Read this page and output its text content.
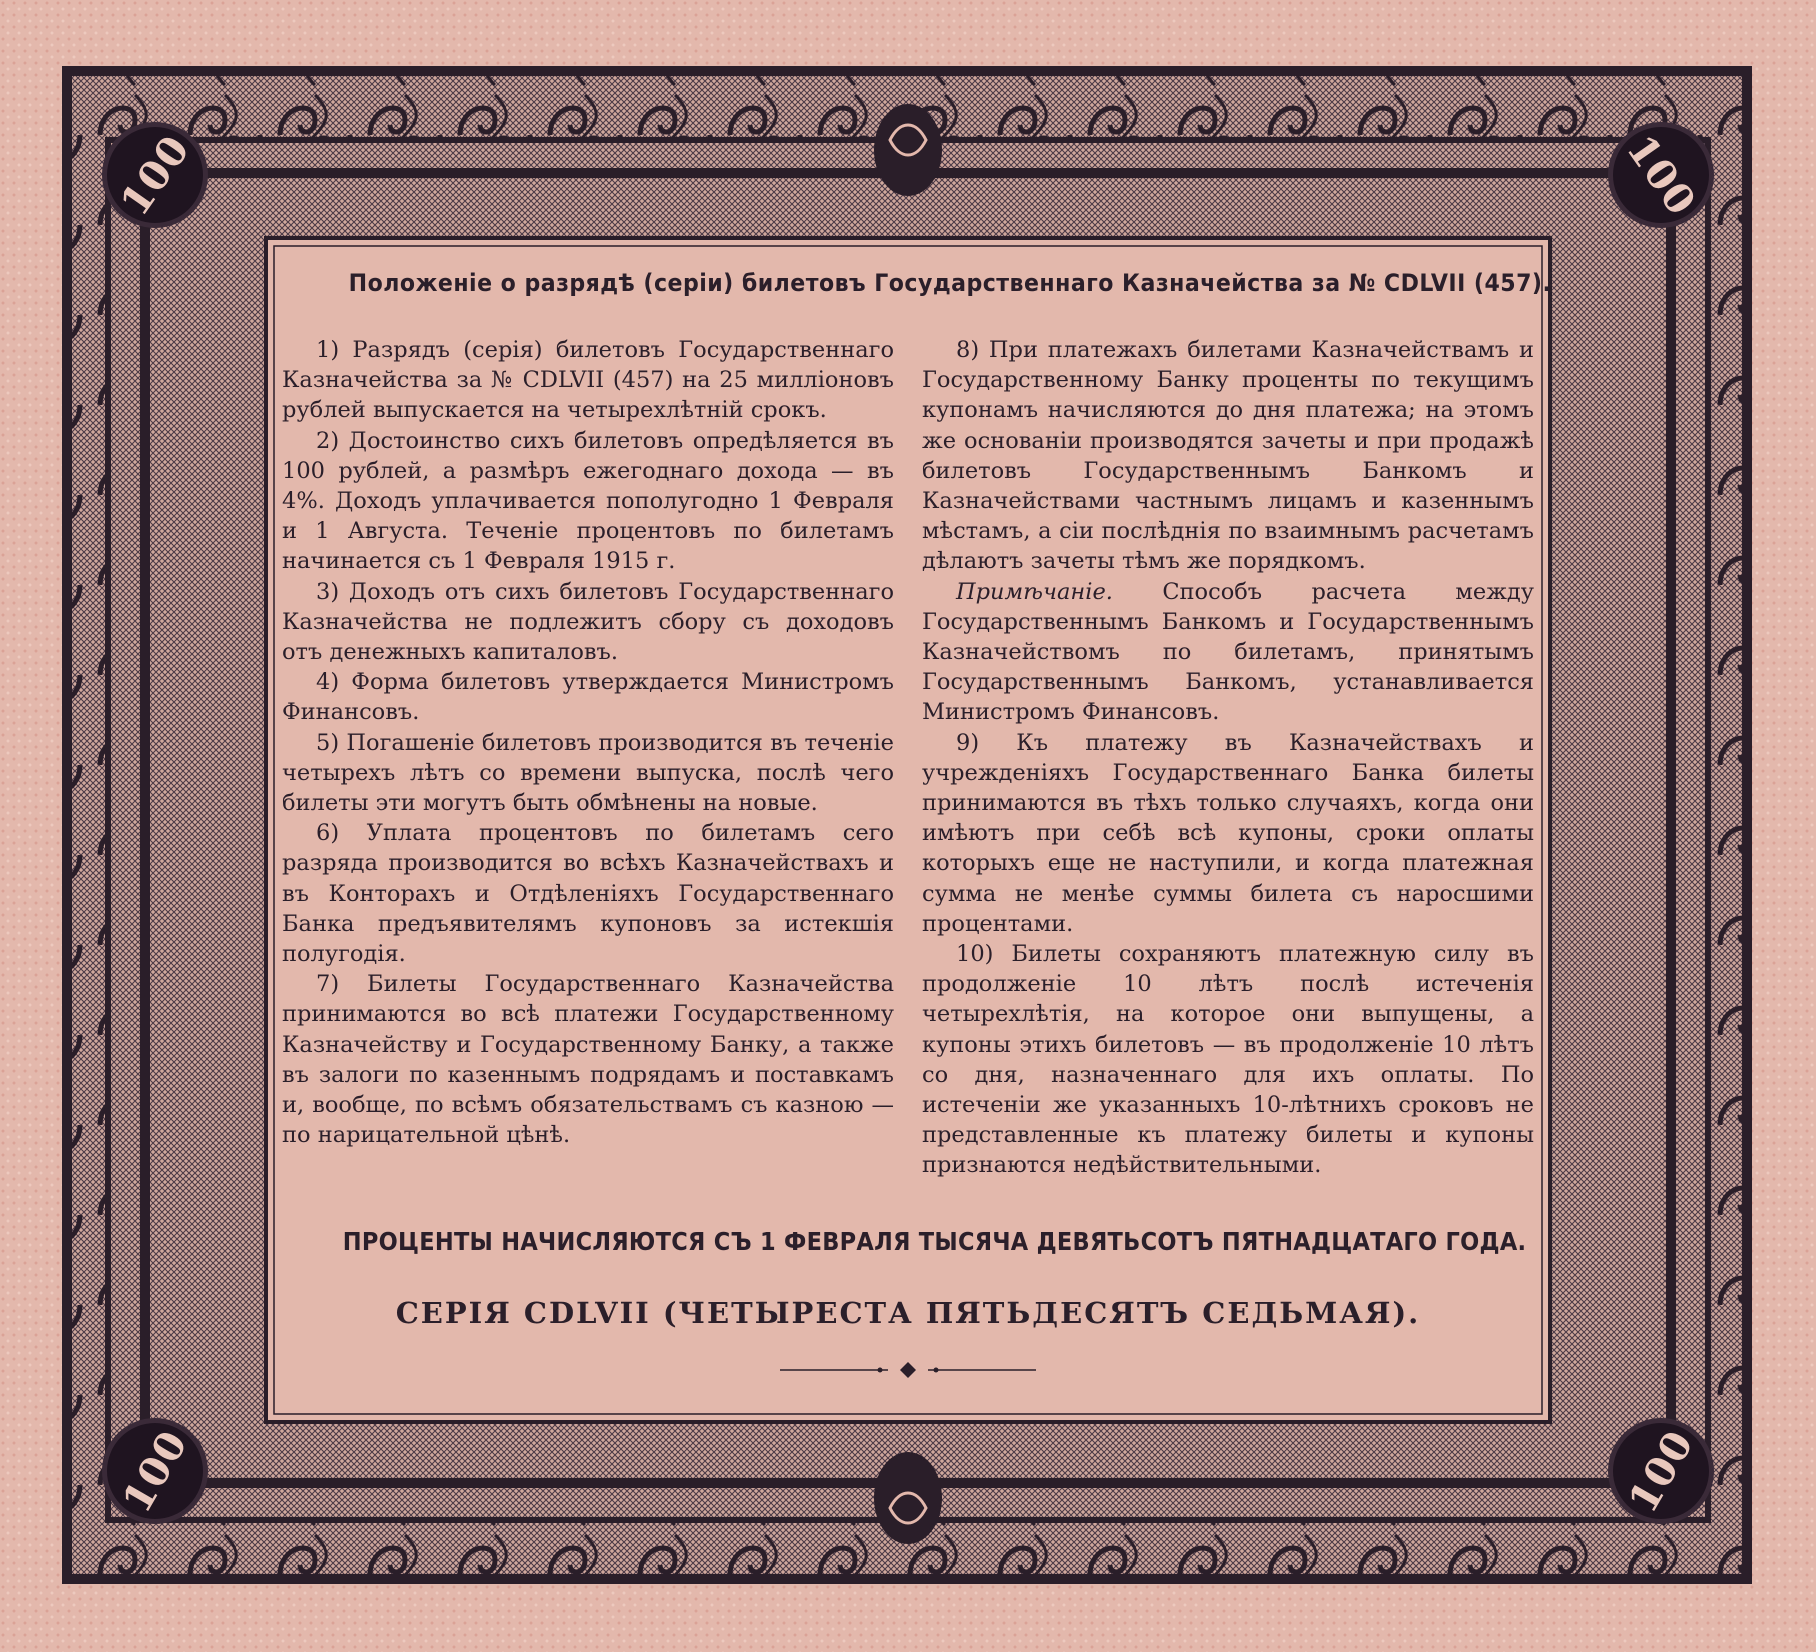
100	100
100	100
Положенiе о разрядѣ (серiи) билетовъ Государственнаго Казначейства за № CDLVII (457).

1) Разрядъ (серiя) билетовъ Государственнаго Казначейства за № CDLVII (457) на 25 миллiоновъ рублей выпускается на четырехлѣтнiй срокъ.

2) Достоинство сихъ билетовъ опредѣляется въ 100 рублей, а размѣръ ежегоднаго дохода — въ 4%. Доходъ уплачивается пополугодно 1 Февраля и 1 Августа. Теченiе процентовъ по билетамъ начинается съ 1 Февраля 1915 г.

3) Доходъ отъ сихъ билетовъ Государственнаго Казначейства не подлежитъ сбору съ доходовъ отъ денежныхъ капиталовъ.

4) Форма билетовъ утверждается Министромъ Финансовъ.

5) Погашенiе билетовъ производится въ теченiе четырехъ лѣтъ со времени выпуска, послѣ чего билеты эти могутъ быть обмѣнены на новые.

6) Уплата процентовъ по билетамъ сего разряда производится во всѣхъ Казначействахъ и въ Конторахъ и Отдѣленiяхъ Государственнаго Банка предъявителямъ купоновъ за истекшiя полугодiя.

7) Билеты Государственнаго Казначейства принимаются во всѣ платежи Государственному Казначейству и Государственному Банку, а также въ залоги по казеннымъ подрядамъ и поставкамъ и, вообще, по всѣмъ обязательствамъ съ казною — по нарицательной цѣнѣ.

8) При платежахъ билетами Казначействамъ и Государственному Банку проценты по текущимъ купонамъ начисляются до дня платежа; на этомъ же основанiи производятся зачеты и при продажѣ билетовъ Государственнымъ Банкомъ и Казначействами частнымъ лицамъ и казеннымъ мѣстамъ, а сiи послѣднiя по взаимнымъ расчетамъ дѣлаютъ зачеты тѣмъ же порядкомъ.

Примѣчанiе. Способъ расчета между Государственнымъ Банкомъ и Государственнымъ Казначействомъ по билетамъ, принятымъ Государственнымъ Банкомъ, устанавливается Министромъ Финансовъ.

9) Къ платежу въ Казначействахъ и учрежденiяхъ Государственнаго Банка билеты принимаются въ тѣхъ только случаяхъ, когда они имѣютъ при себѣ всѣ купоны, сроки оплаты которыхъ еще не наступили, и когда платежная сумма не менѣе суммы билета съ наросшими процентами.

10) Билеты сохраняютъ платежную силу въ продолженiе 10 лѣтъ послѣ истеченiя четырехлѣтiя, на которое они выпущены, а купоны этихъ билетовъ — въ продолженiе 10 лѣтъ со дня, назначеннаго для ихъ оплаты. По истеченiи же указанныхъ 10-лѣтнихъ сроковъ не представленные къ платежу билеты и купоны признаются недѣйствительными.

ПРОЦЕНТЫ НАЧИСЛЯЮТСЯ СЪ 1 ФЕВРАЛЯ ТЫСЯЧА ДЕВЯТЬСОТЪ ПЯТНАДЦАТАГО ГОДА.
СЕРIЯ CDLVII (ЧЕТЫРЕСТА ПЯТЬДЕСЯТЪ СЕДЬМАЯ).
